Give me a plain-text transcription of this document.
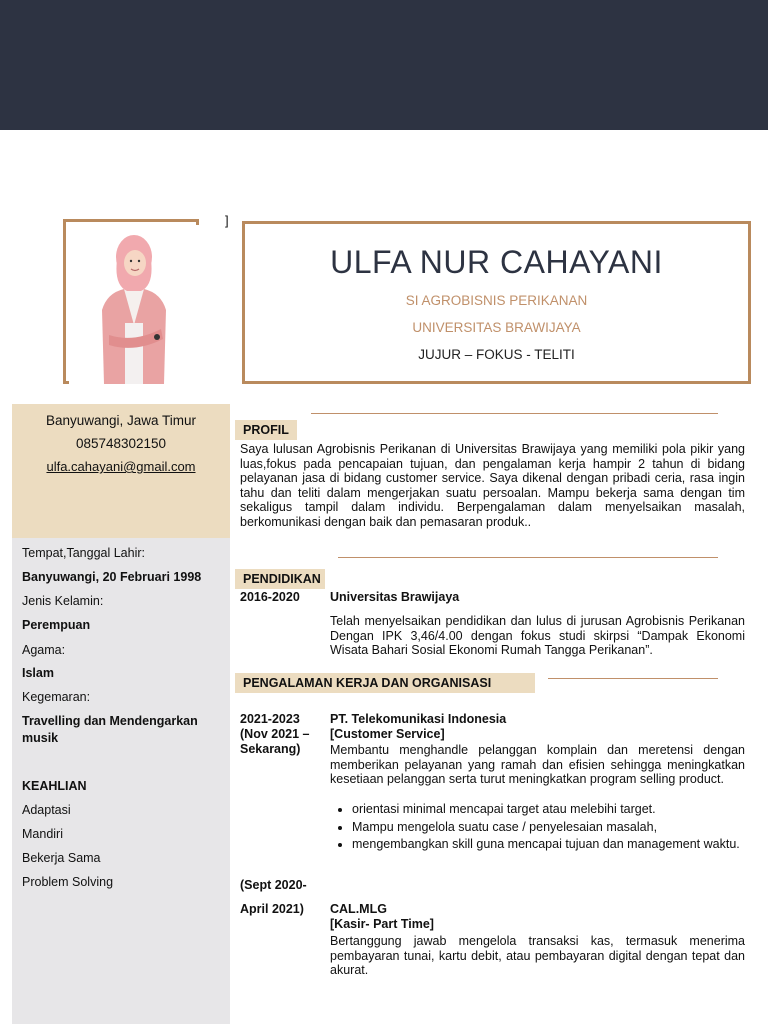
]
ULFA NUR CAHAYANI
SI AGROBISNIS PERIKANAN
UNIVERSITAS BRAWIJAYA
JUJUR – FOKUS - TELITI
Banyuwangi, Jawa Timur
085748302150
ulfa.cahayani@gmail.com
Tempat,Tanggal Lahir:
Banyuwangi, 20 Februari 1998
Jenis Kelamin:
Perempuan
Agama:
Islam
Kegemaran:
Travelling dan Mendengarkan
musik
KEAHLIAN
Adaptasi
Mandiri
Bekerja Sama
Problem Solving
PROFIL
Saya lulusan Agrobisnis Perikanan di Universitas Brawijaya yang memiliki pola pikir yang luas,fokus pada pencapaian tujuan, dan pengalaman kerja hampir 2 tahun di bidang pelayanan jasa di bidang customer service. Saya dikenal dengan pribadi ceria, rasa ingin tahu dan teliti dalam mengerjakan suatu persoalan. Mampu bekerja sama dengan tim sekaligus tampil dalam individu. Berpengalaman dalam menyelsaikan masalah, berkomunikasi dengan baik dan pemasaran produk..
PENDIDIKAN
2016-2020 Universitas Brawijaya
Telah menyelsaikan pendidikan dan lulus di jurusan Agrobisnis Perikanan Dengan IPK 3,46/4.00 dengan fokus studi skirpsi “Dampak Ekonomi Wisata Bahari Sosial Ekonomi Rumah Tangga Perikanan”.
PENGALAMAN KERJA DAN ORGANISASI
2021-2023
(Nov 2021 –
Sekarang)
PT. Telekomunikasi Indonesia
[Customer Service]
Membantu menghandle pelanggan komplain dan meretensi dengan memberikan pelayanan yang ramah dan efisien sehingga meningkatkan kesetiaan pelanggan serta turut meningkatkan program selling product.
• orientasi minimal mencapai target atau melebihi target.
• Mampu mengelola suatu case / penyelesaian masalah,
• mengembangkan skill guna mencapai tujuan dan management waktu.
(Sept 2020-
April 2021) CAL.MLG
[Kasir- Part Time]
Bertanggung jawab mengelola transaksi kas, termasuk menerima pembayaran tunai, kartu debit, atau pembayaran digital dengan tepat dan akurat.
